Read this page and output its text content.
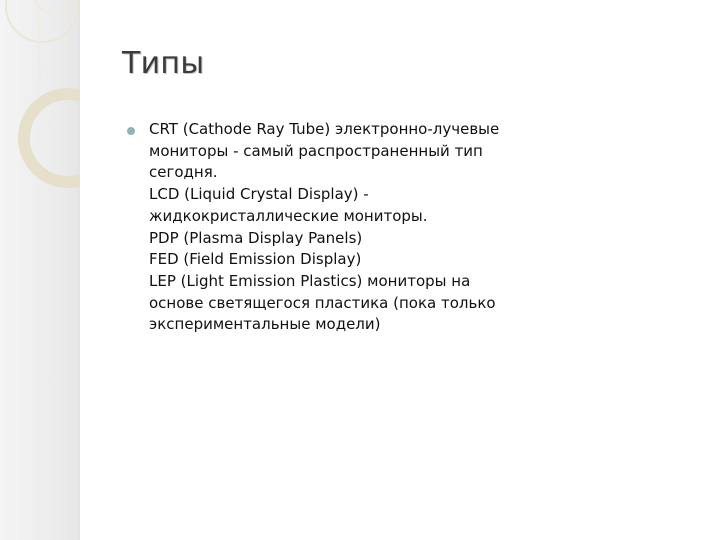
Типы
CRT (Cathode Ray Tube) электронно-лучевые
мониторы - самый распространенный тип
сегодня.
LCD (Liquid Crystal Display) -
жидкокристаллические мониторы.
PDP (Plasma Display Panels)
FED (Field Emission Display)
LEP (Light Emission Plastics) мониторы на
основе светящегося пластика (пока только
экспериментальные модели)
